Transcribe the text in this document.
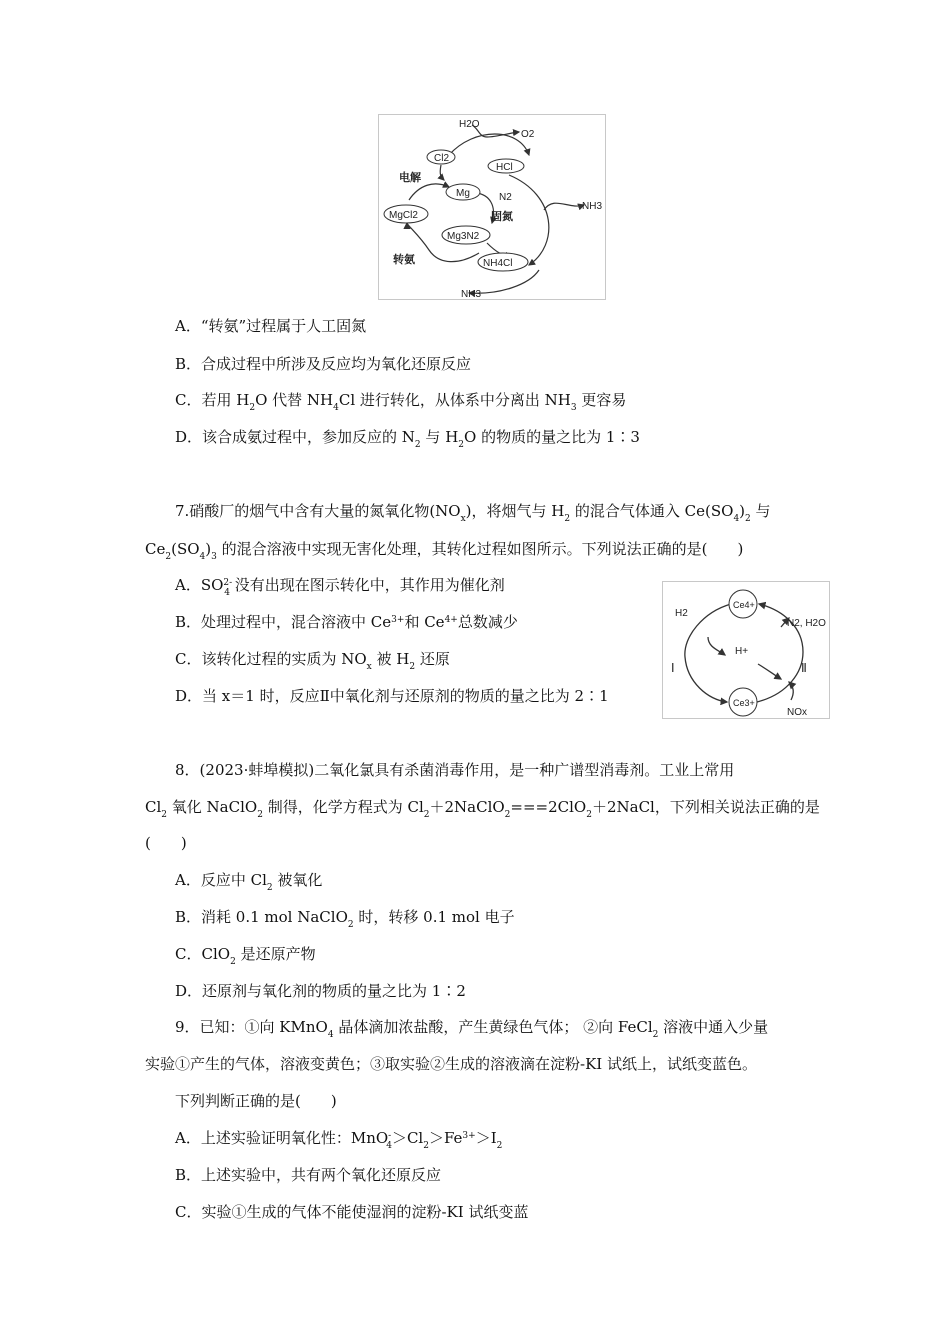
H2O
O2
Cl2
HCl
电解
Mg	N2
固氮
MgCl2
Mg3N2
NH3
转氨	NH4Cl
NH3
A．“转氨”过程属于人工固氮
B．合成过程中所涉及反应均为氧化还原反应
C．若用 $H_2O$ 代替 $NH_4Cl$ 进行转化，从体系中分离出 $NH_3$ 更容易
D．该合成氨过程中，参加反应的 $N_2$ 与 $H_2O$ 的物质的量之比为 1∶3
7.硝酸厂的烟气中含有大量的氮氧化物$(NO_x)$，将烟气与 $H_2$ 的混合气体通入 $Ce(SO_4)_2$ 与
$Ce_2(SO_4)_3$ 的混合溶液中实现无害化处理，其转化过程如图所示。下列说法正确的是(　　)
A．$SO^{2-}_4$ 没有出现在图示转化中，其作用为催化剂
B．处理过程中，混合溶液中 $Ce^{3+}$和 $Ce^{4+}$总数减少
C．该转化过程的实质为 $NO_x$ 被 $H_2$ 还原
D．当 x＝1 时，反应Ⅱ中氧化剂与还原剂的物质的量之比为 2∶1
Ce4+
H2
N2, H2O
H+
Ⅰ	Ⅱ
Ce3+
NOx
8．(2023·蚌埠模拟)二氧化氯具有杀菌消毒作用，是一种广谱型消毒剂。工业上常用
$Cl_2$ 氧化 NaClO$_2$ 制得，化学方程式为 $Cl_2+2NaClO_2===2ClO_2+2NaCl$，下列相关说法正确的是
(　　)
A．反应中 $Cl_2$ 被氧化
B．消耗 0.1 mol NaClO$_2$ 时，转移 0.1 mol 电子
C．ClO$_2$ 是还原产物
D．还原剂与氧化剂的物质的量之比为 1∶2
9．已知：①向 KMnO$_4$ 晶体滴加浓盐酸，产生黄绿色气体； ②向 FeCl$_2$ 溶液中通入少量
实验①产生的气体，溶液变黄色；③取实验②生成的溶液滴在淀粉-KI 试纸上，试纸变蓝色。
下列判断正确的是(　　)
A．上述实验证明氧化性：$MnO^-_4>Cl_2>Fe^{3+}>I_2$
B．上述实验中，共有两个氧化还原反应
C．实验①生成的气体不能使湿润的淀粉-KI 试纸变蓝
